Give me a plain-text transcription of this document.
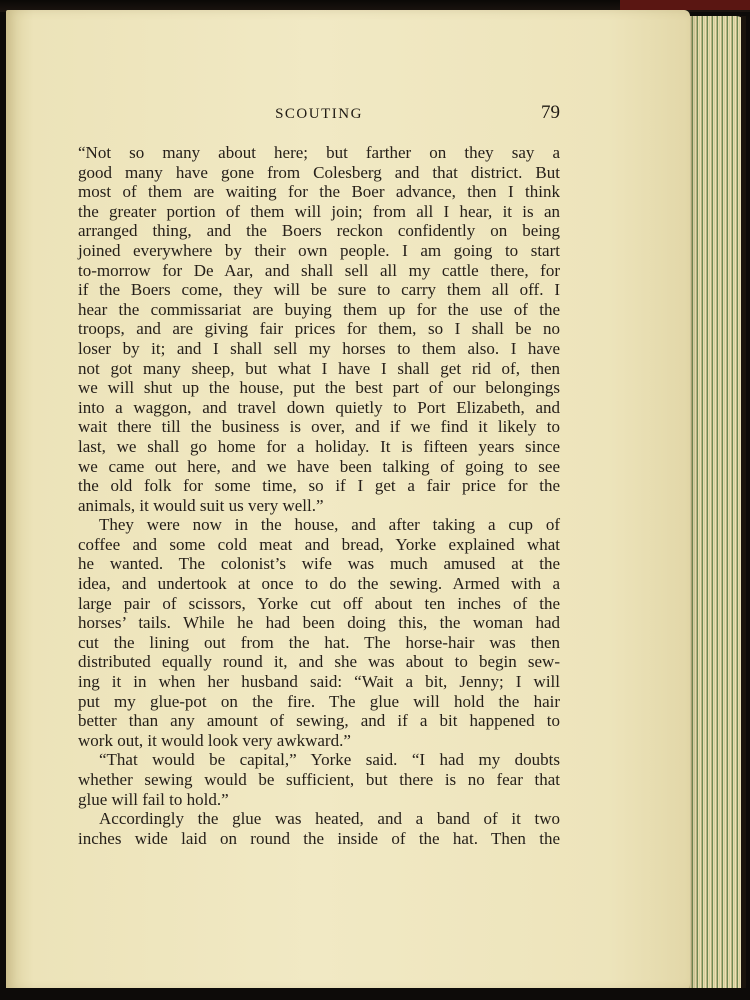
SCOUTING	79
“Not so many about here; but farther on they say a
good many have gone from Colesberg and that district. But
most of them are waiting for the Boer advance, then I think
the greater portion of them will join; from all I hear, it is an
arranged thing, and the Boers reckon confidently on being
joined everywhere by their own people. I am going to start
to-morrow for De Aar, and shall sell all my cattle there, for
if the Boers come, they will be sure to carry them all off. I
hear the commissariat are buying them up for the use of the
troops, and are giving fair prices for them, so I shall be no
loser by it; and I shall sell my horses to them also. I have
not got many sheep, but what I have I shall get rid of, then
we will shut up the house, put the best part of our belongings
into a waggon, and travel down quietly to Port Elizabeth, and
wait there till the business is over, and if we find it likely to
last, we shall go home for a holiday. It is fifteen years since
we came out here, and we have been talking of going to see
the old folk for some time, so if I get a fair price for the
animals, it would suit us very well.”
They were now in the house, and after taking a cup of
coffee and some cold meat and bread, Yorke explained what
he wanted. The colonist’s wife was much amused at the
idea, and undertook at once to do the sewing. Armed with a
large pair of scissors, Yorke cut off about ten inches of the
horses’ tails. While he had been doing this, the woman had
cut the lining out from the hat. The horse-hair was then
distributed equally round it, and she was about to begin sew-
ing it in when her husband said: “Wait a bit, Jenny; I will
put my glue-pot on the fire. The glue will hold the hair
better than any amount of sewing, and if a bit happened to
work out, it would look very awkward.”
“That would be capital,” Yorke said. “I had my doubts
whether sewing would be sufficient, but there is no fear that
glue will fail to hold.”
Accordingly the glue was heated, and a band of it two
inches wide laid on round the inside of the hat. Then the
